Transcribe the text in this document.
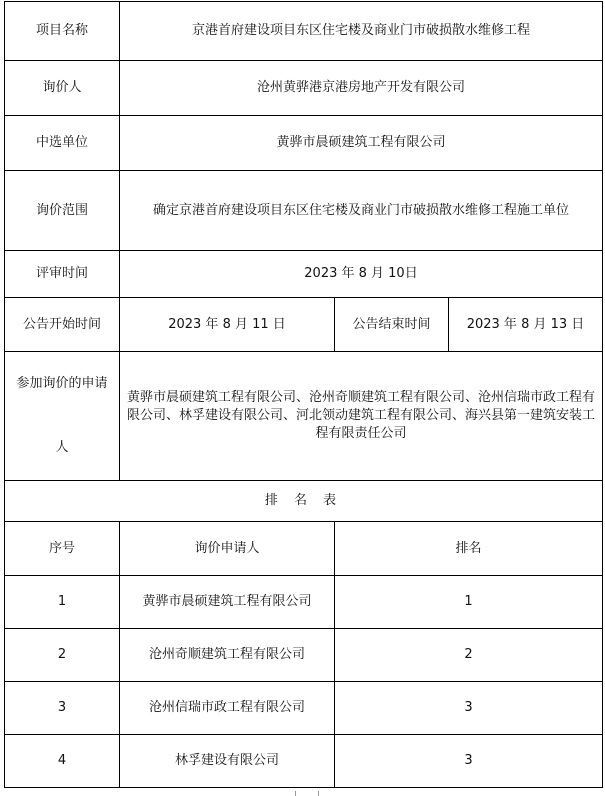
项目名称	京港首府建设项目东区住宅楼及商业门市破损散水维修工程		
询价人	沧州黄骅港京港房地产开发有限公司		
中选单位	黄骅市晨硕建筑工程有限公司		
询价范围	确定京港首府建设项目东区住宅楼及商业门市破损散水维修工程施工单位		
评审时间	2023 年 8 月 10日		
公告开始时间	2023 年 8 月 11 日	公告结束时间	2023 年 8 月 13 日
参加询价的申请人	黄骅市晨硕建筑工程有限公司、沧州奇顺建筑工程有限公司、沧州信瑞市政工程有限公司、林孚建设有限公司、河北领动建筑工程有限公司、海兴县第一建筑安装工程有限责任公司		
排 名 表			
序号	询价申请人	排名	
1	黄骅市晨硕建筑工程有限公司	1	
2	沧州奇顺建筑工程有限公司	2	
3	沧州信瑞市政工程有限公司	3	
4	林孚建设有限公司	3	
